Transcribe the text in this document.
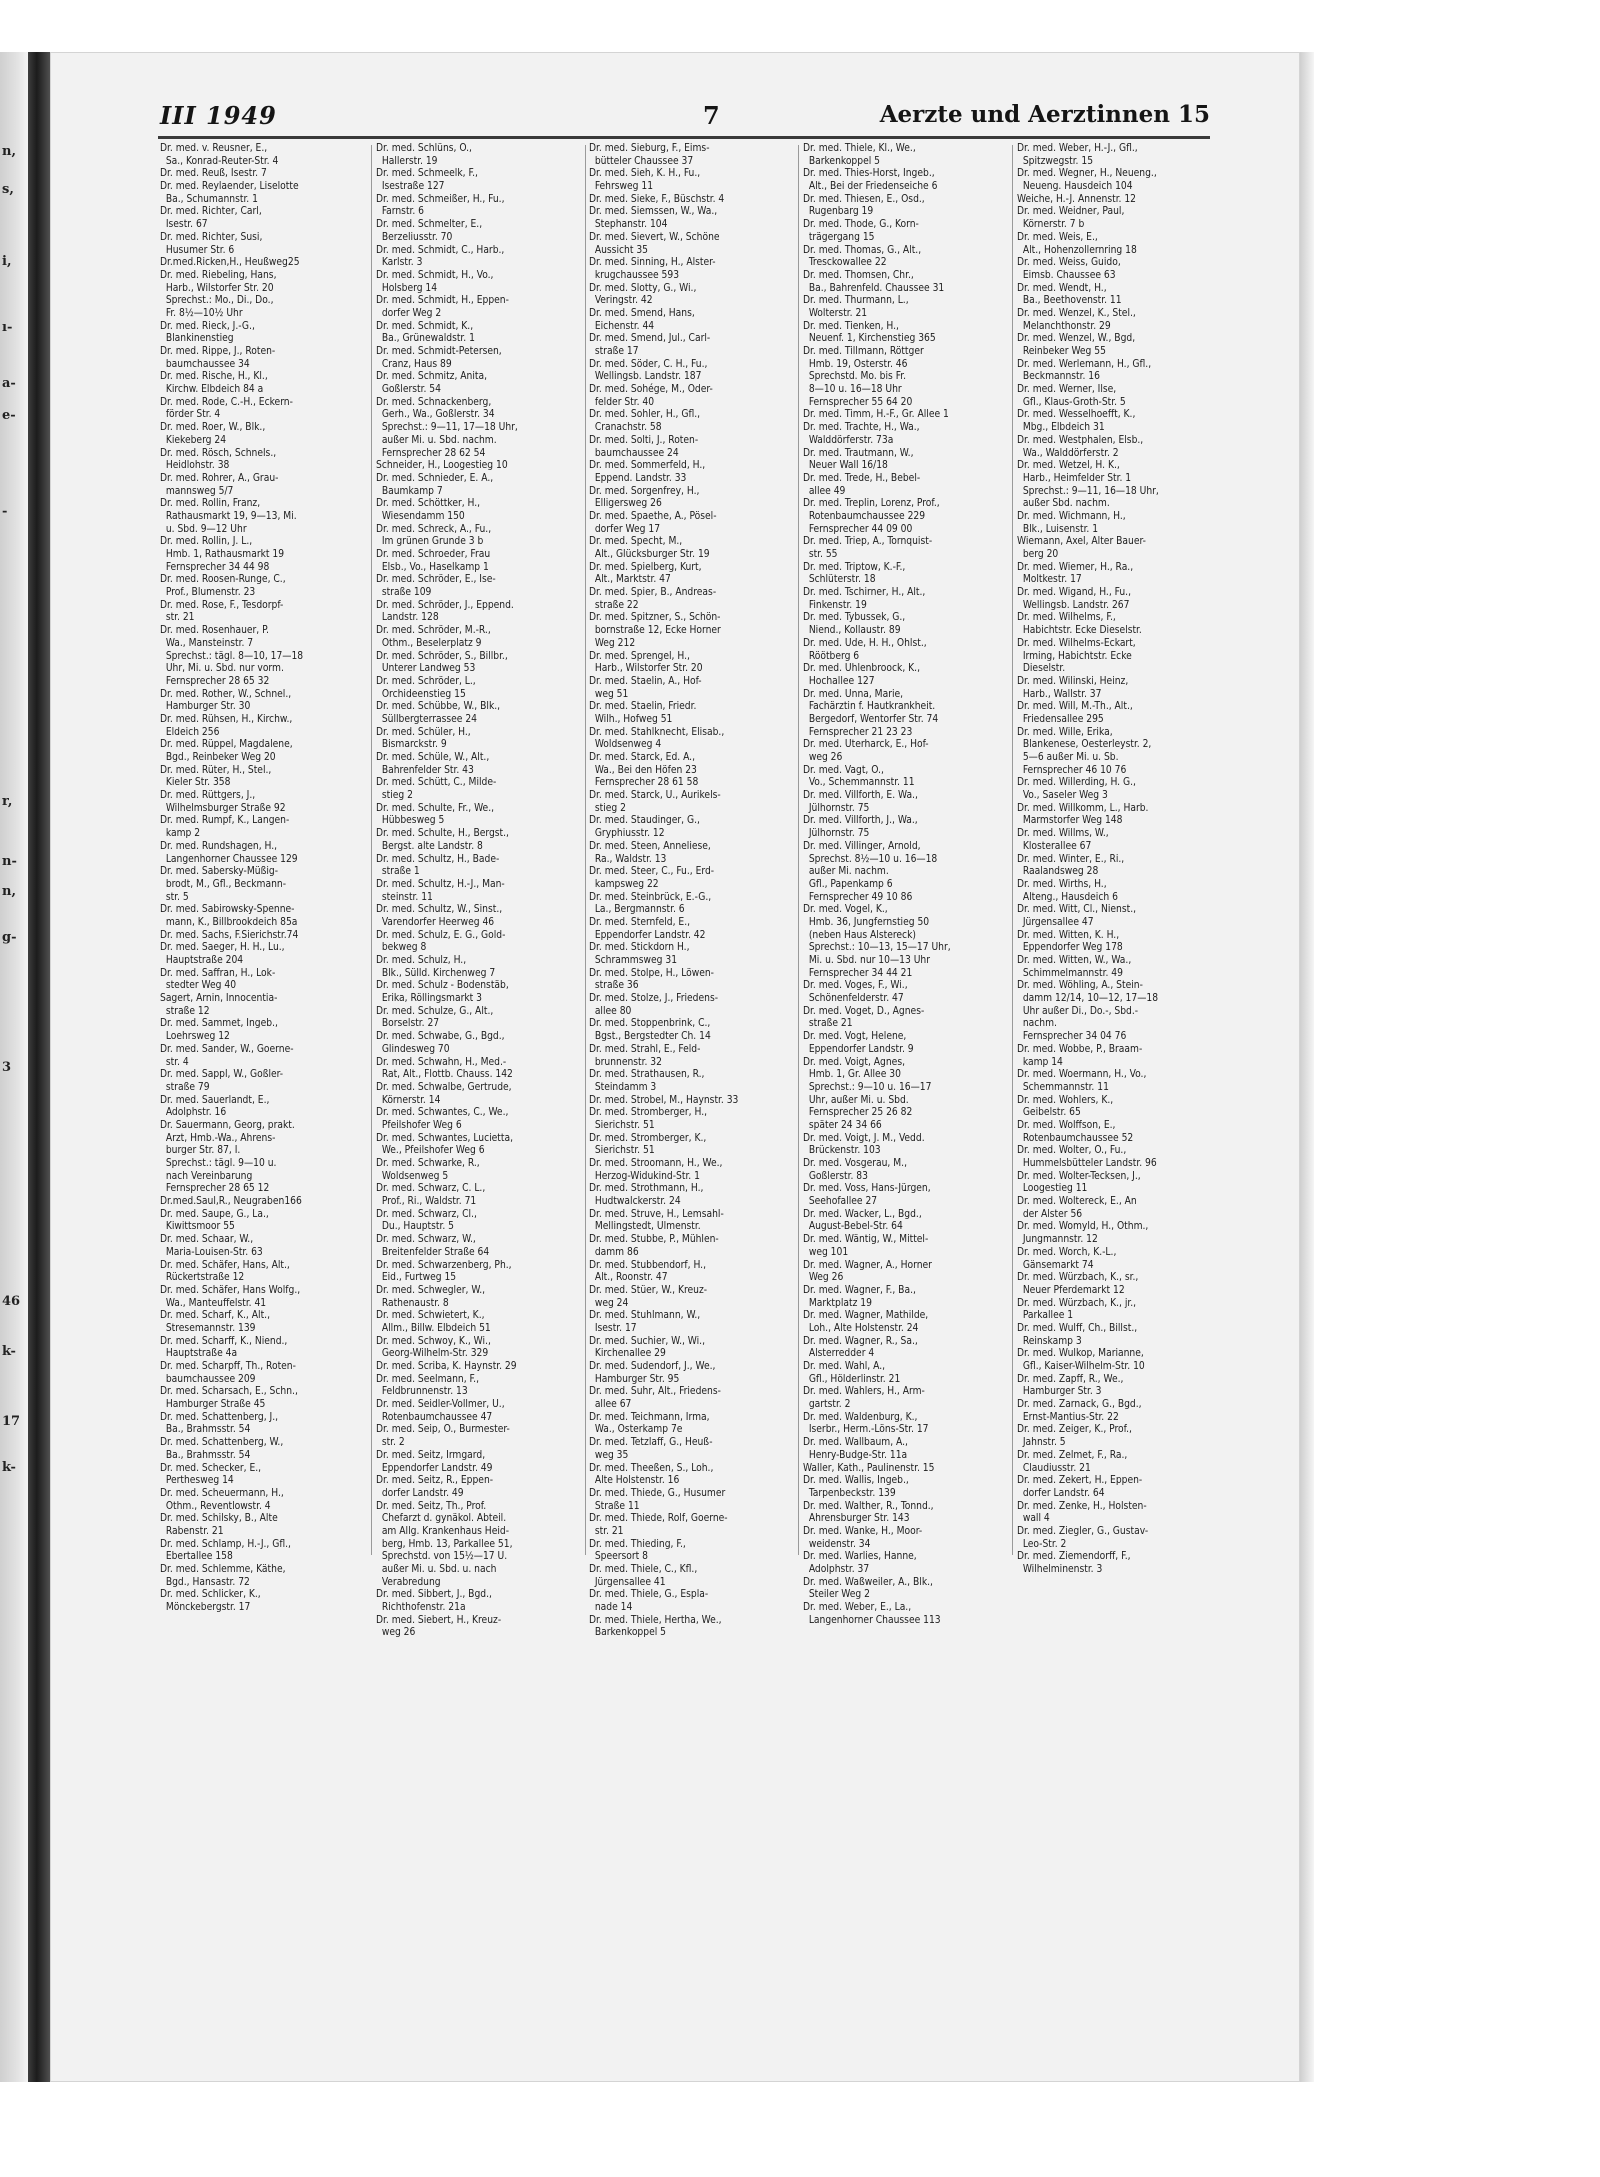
n,
s,
i,
ı-
a-
e-
-
r,
n-
n,
g-
3
46
k-
17
k-
III 1949	7	Aerzte und Aerztinnen 15
Dr. med. v. Reusner, E.,
Sa., Konrad-Reuter-Str. 4
Dr. med. Reuß, Isestr. 7
Dr. med. Reylaender, Liselotte
Ba., Schumannstr. 1
Dr. med. Richter, Carl,
Isestr. 67
Dr. med. Richter, Susi,
Husumer Str. 6
Dr.med.Ricken,H., Heußweg25
Dr. med. Riebeling, Hans,
Harb., Wilstorfer Str. 20
Sprechst.: Mo., Di., Do.,
Fr. 8½—10½ Uhr
Dr. med. Rieck, J.-G.,
Blankinenstieg
Dr. med. Rippe, J., Roten-
baumchaussee 34
Dr. med. Rische, H., Kl.,
Kirchw. Elbdeich 84 a
Dr. med. Rode, C.-H., Eckern-
förder Str. 4
Dr. med. Roer, W., Blk.,
Kiekeberg 24
Dr. med. Rösch, Schnels.,
Heidlohstr. 38
Dr. med. Rohrer, A., Grau-
mannsweg 5/7
Dr. med. Rollin, Franz,
Rathausmarkt 19, 9—13, Mi.
u. Sbd. 9—12 Uhr
Dr. med. Rollin, J. L.,
Hmb. 1, Rathausmarkt 19
Fernsprecher 34 44 98
Dr. med. Roosen-Runge, C.,
Prof., Blumenstr. 23
Dr. med. Rose, F., Tesdorpf-
str. 21
Dr. med. Rosenhauer, P.
Wa., Mansteinstr. 7
Sprechst.: tägl. 8—10, 17—18
Uhr, Mi. u. Sbd. nur vorm.
Fernsprecher 28 65 32
Dr. med. Rother, W., Schnel.,
Hamburger Str. 30
Dr. med. Rühsen, H., Kirchw.,
Eldeich 256
Dr. med. Rüppel, Magdalene,
Bgd., Reinbeker Weg 20
Dr. med. Rüter, H., Stel.,
Kieler Str. 358
Dr. med. Rüttgers, J.,
Wilhelmsburger Straße 92
Dr. med. Rumpf, K., Langen-
kamp 2
Dr. med. Rundshagen, H.,
Langenhorner Chaussee 129
Dr. med. Sabersky-Müßig-
brodt, M., Gfl., Beckmann-
str. 5
Dr. med. Sabirowsky-Spenne-
mann, K., Billbrookdeich 85a
Dr. med. Sachs, F.Sierichstr.74
Dr. med. Saeger, H. H., Lu.,
Hauptstraße 204
Dr. med. Saffran, H., Lok-
stedter Weg 40
Sagert, Arnin, Innocentia-
straße 12
Dr. med. Sammet, Ingeb.,
Loehrsweg 12
Dr. med. Sander, W., Goerne-
str. 4
Dr. med. Sappl, W., Goßler-
straße 79
Dr. med. Sauerlandt, E.,
Adolphstr. 16
Dr. Sauermann, Georg, prakt.
Arzt, Hmb.-Wa., Ahrens-
burger Str. 87, I.
Sprechst.: tägl. 9—10 u.
nach Vereinbarung
Fernsprecher 28 65 12
Dr.med.Saul,R., Neugraben166
Dr. med. Saupe, G., La.,
Kiwittsmoor 55
Dr. med. Schaar, W.,
Maria-Louisen-Str. 63
Dr. med. Schäfer, Hans, Alt.,
Rückertstraße 12
Dr. med. Schäfer, Hans Wolfg.,
Wa., Manteuffelstr. 41
Dr. med. Scharf, K., Alt.,
Stresemannstr. 139
Dr. med. Scharff, K., Niend.,
Hauptstraße 4a
Dr. med. Scharpff, Th., Roten-
baumchaussee 209
Dr. med. Scharsach, E., Schn.,
Hamburger Straße 45
Dr. med. Schattenberg, J.,
Ba., Brahmsstr. 54
Dr. med. Schattenberg, W.,
Ba., Brahmsstr. 54
Dr. med. Schecker, E.,
Perthesweg 14
Dr. med. Scheuermann, H.,
Othm., Reventlowstr. 4
Dr. med. Schilsky, B., Alte
Rabenstr. 21
Dr. med. Schlamp, H.-J., Gfl.,
Ebertallee 158
Dr. med. Schlemme, Käthe,
Bgd., Hansastr. 72
Dr. med. Schlicker, K.,
Mönckebergstr. 17
Dr. med. Schlüns, O.,
Hallerstr. 19
Dr. med. Schmeelk, F.,
Isestraße 127
Dr. med. Schmeißer, H., Fu.,
Farnstr. 6
Dr. med. Schmelter, E.,
Berzeliusstr. 70
Dr. med. Schmidt, C., Harb.,
Karlstr. 3
Dr. med. Schmidt, H., Vo.,
Holsberg 14
Dr. med. Schmidt, H., Eppen-
dorfer Weg 2
Dr. med. Schmidt, K.,
Ba., Grünewaldstr. 1
Dr. med. Schmidt-Petersen,
Cranz, Haus 89
Dr. med. Schmitz, Anita,
Goßlerstr. 54
Dr. med. Schnackenberg,
Gerh., Wa., Goßlerstr. 34
Sprechst.: 9—11, 17—18 Uhr,
außer Mi. u. Sbd. nachm.
Fernsprecher 28 62 54
Schneider, H., Loogestieg 10
Dr. med. Schnieder, E. A.,
Baumkamp 7
Dr. med. Schöttker, H.,
Wiesendamm 150
Dr. med. Schreck, A., Fu.,
Im grünen Grunde 3 b
Dr. med. Schroeder, Frau
Elsb., Vo., Haselkamp 1
Dr. med. Schröder, E., Ise-
straße 109
Dr. med. Schröder, J., Eppend.
Landstr. 128
Dr. med. Schröder, M.-R.,
Othm., Beselerplatz 9
Dr. med. Schröder, S., Billbr.,
Unterer Landweg 53
Dr. med. Schröder, L.,
Orchideenstieg 15
Dr. med. Schübbe, W., Blk.,
Süllbergterrassee 24
Dr. med. Schüler, H.,
Bismarckstr. 9
Dr. med. Schüle, W., Alt.,
Bahrenfelder Str. 43
Dr. med. Schütt, C., Milde-
stieg 2
Dr. med. Schulte, Fr., We.,
Hübbesweg 5
Dr. med. Schulte, H., Bergst.,
Bergst. alte Landstr. 8
Dr. med. Schultz, H., Bade-
straße 1
Dr. med. Schultz, H.-J., Man-
steinstr. 11
Dr. med. Schultz, W., Sinst.,
Varendorfer Heerweg 46
Dr. med. Schulz, E. G., Gold-
bekweg 8
Dr. med. Schulz, H.,
Blk., Sülld. Kirchenweg 7
Dr. med. Schulz - Bodenstäb,
Erika, Röllingsmarkt 3
Dr. med. Schulze, G., Alt.,
Borselstr. 27
Dr. med. Schwabe, G., Bgd.,
Glindesweg 70
Dr. med. Schwahn, H., Med.-
Rat, Alt., Flottb. Chauss. 142
Dr. med. Schwalbe, Gertrude,
Körnerstr. 14
Dr. med. Schwantes, C., We.,
Pfeilshofer Weg 6
Dr. med. Schwantes, Lucietta,
We., Pfeilshofer Weg 6
Dr. med. Schwarke, R.,
Woldsenweg 5
Dr. med. Schwarz, C. L.,
Prof., Ri., Waldstr. 71
Dr. med. Schwarz, Cl.,
Du., Hauptstr. 5
Dr. med. Schwarz, W.,
Breitenfelder Straße 64
Dr. med. Schwarzenberg, Ph.,
Eid., Furtweg 15
Dr. med. Schwegler, W.,
Rathenaustr. 8
Dr. med. Schwietert, K.,
Allm., Billw. Elbdeich 51
Dr. med. Schwoy, K., Wi.,
Georg-Wilhelm-Str. 329
Dr. med. Scriba, K. Haynstr. 29
Dr. med. Seelmann, F.,
Feldbrunnenstr. 13
Dr. med. Seidler-Vollmer, U.,
Rotenbaumchaussee 47
Dr. med. Seip, O., Burmester-
str. 2
Dr. med. Seitz, Irmgard,
Eppendorfer Landstr. 49
Dr. med. Seitz, R., Eppen-
dorfer Landstr. 49
Dr. med. Seitz, Th., Prof.
Chefarzt d. gynäkol. Abteil.
am Allg. Krankenhaus Heid-
berg, Hmb. 13, Parkallee 51,
Sprechstd. von 15½—17 U.
außer Mi. u. Sbd. u. nach
Verabredung
Dr. med. Sibbert, J., Bgd.,
Richthofenstr. 21a
Dr. med. Siebert, H., Kreuz-
weg 26
Dr. med. Sieburg, F., Eims-
bütteler Chaussee 37
Dr. med. Sieh, K. H., Fu.,
Fehrsweg 11
Dr. med. Sieke, F., Büschstr. 4
Dr. med. Siemssen, W., Wa.,
Stephanstr. 104
Dr. med. Sievert, W., Schöne
Aussicht 35
Dr. med. Sinning, H., Alster-
krugchaussee 593
Dr. med. Slotty, G., Wi.,
Veringstr. 42
Dr. med. Smend, Hans,
Eichenstr. 44
Dr. med. Smend, Jul., Carl-
straße 17
Dr. med. Söder, C. H., Fu.,
Wellingsb. Landstr. 187
Dr. med. Sohége, M., Oder-
felder Str. 40
Dr. med. Sohler, H., Gfl.,
Cranachstr. 58
Dr. med. Solti, J., Roten-
baumchaussee 24
Dr. med. Sommerfeld, H.,
Eppend. Landstr. 33
Dr. med. Sorgenfrey, H.,
Elligersweg 26
Dr. med. Spaethe, A., Pösel-
dorfer Weg 17
Dr. med. Specht, M.,
Alt., Glücksburger Str. 19
Dr. med. Spielberg, Kurt,
Alt., Marktstr. 47
Dr. med. Spier, B., Andreas-
straße 22
Dr. med. Spitzner, S., Schön-
bornstraße 12, Ecke Horner
Weg 212
Dr. med. Sprengel, H.,
Harb., Wilstorfer Str. 20
Dr. med. Staelin, A., Hof-
weg 51
Dr. med. Staelin, Friedr.
Wilh., Hofweg 51
Dr. med. Stahlknecht, Elisab.,
Woldsenweg 4
Dr. med. Starck, Ed. A.,
Wa., Bei den Höfen 23
Fernsprecher 28 61 58
Dr. med. Starck, U., Aurikels-
stieg 2
Dr. med. Staudinger, G.,
Gryphiusstr. 12
Dr. med. Steen, Anneliese,
Ra., Waldstr. 13
Dr. med. Steer, C., Fu., Erd-
kampsweg 22
Dr. med. Steinbrück, E.-G.,
La., Bergmannstr. 6
Dr. med. Sternfeld, E.,
Eppendorfer Landstr. 42
Dr. med. Stickdorn H.,
Schrammsweg 31
Dr. med. Stolpe, H., Löwen-
straße 36
Dr. med. Stolze, J., Friedens-
allee 80
Dr. med. Stoppenbrink, C.,
Bgst., Bergstedter Ch. 14
Dr. med. Strahl, E., Feld-
brunnenstr. 32
Dr. med. Strathausen, R.,
Steindamm 3
Dr. med. Strobel, M., Haynstr. 33
Dr. med. Stromberger, H.,
Sierichstr. 51
Dr. med. Stromberger, K.,
Sierichstr. 51
Dr. med. Stroomann, H., We.,
Herzog-Widukind-Str. 1
Dr. med. Strothmann, H.,
Hudtwalckerstr. 24
Dr. med. Struve, H., Lemsahl-
Mellingstedt, Ulmenstr.
Dr. med. Stubbe, P., Mühlen-
damm 86
Dr. med. Stubbendorf, H.,
Alt., Roonstr. 47
Dr. med. Stüer, W., Kreuz-
weg 24
Dr. med. Stuhlmann, W.,
Isestr. 17
Dr. med. Suchier, W., Wi.,
Kirchenallee 29
Dr. med. Sudendorf, J., We.,
Hamburger Str. 95
Dr. med. Suhr, Alt., Friedens-
allee 67
Dr. med. Teichmann, Irma,
Wa., Osterkamp 7e
Dr. med. Tetzlaff, G., Heuß-
weg 35
Dr. med. Theeßen, S., Loh.,
Alte Holstenstr. 16
Dr. med. Thiede, G., Husumer
Straße 11
Dr. med. Thiede, Rolf, Goerne-
str. 21
Dr. med. Thieding, F.,
Speersort 8
Dr. med. Thiele, C., Kfl.,
Jürgensallee 41
Dr. med. Thiele, G., Espla-
nade 14
Dr. med. Thiele, Hertha, We.,
Barkenkoppel 5
Dr. med. Thiele, Kl., We.,
Barkenkoppel 5
Dr. med. Thies-Horst, Ingeb.,
Alt., Bei der Friedenseiche 6
Dr. med. Thiesen, E., Osd.,
Rugenbarg 19
Dr. med. Thode, G., Korn-
trägergang 15
Dr. med. Thomas, G., Alt.,
Tresckowallee 22
Dr. med. Thomsen, Chr.,
Ba., Bahrenfeld. Chaussee 31
Dr. med. Thurmann, L.,
Wolterstr. 21
Dr. med. Tienken, H.,
Neuenf. 1, Kirchenstieg 365
Dr. med. Tillmann, Röttger
Hmb. 19, Osterstr. 46
Sprechstd. Mo. bis Fr.
8—10 u. 16—18 Uhr
Fernsprecher 55 64 20
Dr. med. Timm, H.-F., Gr. Allee 1
Dr. med. Trachte, H., Wa.,
Walddörferstr. 73a
Dr. med. Trautmann, W.,
Neuer Wall 16/18
Dr. med. Trede, H., Bebel-
allee 49
Dr. med. Treplin, Lorenz, Prof.,
Rotenbaumchaussee 229
Fernsprecher 44 09 00
Dr. med. Triep, A., Tornquist-
str. 55
Dr. med. Triptow, K.-F.,
Schlüterstr. 18
Dr. med. Tschirner, H., Alt.,
Finkenstr. 19
Dr. med. Tybussek, G.,
Niend., Kollaustr. 89
Dr. med. Ude, H. H., Ohlst.,
Röötberg 6
Dr. med. Uhlenbroock, K.,
Hochallee 127
Dr. med. Unna, Marie,
Fachärztin f. Hautkrankheit.
Bergedorf, Wentorfer Str. 74
Fernsprecher 21 23 23
Dr. med. Uterharck, E., Hof-
weg 26
Dr. med. Vagt, O.,
Vo., Schemmannstr. 11
Dr. med. Villforth, E. Wa.,
Jülhornstr. 75
Dr. med. Villforth, J., Wa.,
Jülhornstr. 75
Dr. med. Villinger, Arnold,
Sprechst. 8½—10 u. 16—18
außer Mi. nachm.
Gfl., Papenkamp 6
Fernsprecher 49 10 86
Dr. med. Vogel, K.,
Hmb. 36, Jungfernstieg 50
(neben Haus Alstereck)
Sprechst.: 10—13, 15—17 Uhr,
Mi. u. Sbd. nur 10—13 Uhr
Fernsprecher 34 44 21
Dr. med. Voges, F., Wi.,
Schönenfelderstr. 47
Dr. med. Voget, D., Agnes-
straße 21
Dr. med. Vogt, Helene,
Eppendorfer Landstr. 9
Dr. med. Voigt, Agnes,
Hmb. 1, Gr. Allee 30
Sprechst.: 9—10 u. 16—17
Uhr, außer Mi. u. Sbd.
Fernsprecher 25 26 82
später 24 34 66
Dr. med. Voigt, J. M., Vedd.
Brückenstr. 103
Dr. med. Vosgerau, M.,
Goßlerstr. 83
Dr. med. Voss, Hans-Jürgen,
Seehofallee 27
Dr. med. Wacker, L., Bgd.,
August-Bebel-Str. 64
Dr. med. Wäntig, W., Mittel-
weg 101
Dr. med. Wagner, A., Horner
Weg 26
Dr. med. Wagner, F., Ba.,
Marktplatz 19
Dr. med. Wagner, Mathilde,
Loh., Alte Holstenstr. 24
Dr. med. Wagner, R., Sa.,
Alsterredder 4
Dr. med. Wahl, A.,
Gfl., Hölderlinstr. 21
Dr. med. Wahlers, H., Arm-
gartstr. 2
Dr. med. Waldenburg, K.,
Iserbr., Herm.-Löns-Str. 17
Dr. med. Wallbaum, A.,
Henry-Budge-Str. 11a
Waller, Kath., Paulinenstr. 15
Dr. med. Wallis, Ingeb.,
Tarpenbeckstr. 139
Dr. med. Walther, R., Tonnd.,
Ahrensburger Str. 143
Dr. med. Wanke, H., Moor-
weidenstr. 34
Dr. med. Warlies, Hanne,
Adolphstr. 37
Dr. med. Waßweiler, A., Blk.,
Steiler Weg 2
Dr. med. Weber, E., La.,
Langenhorner Chaussee 113
Dr. med. Weber, H.-J., Gfl.,
Spitzwegstr. 15
Dr. med. Wegner, H., Neueng.,
Neueng. Hausdeich 104
Weiche, H.-J. Annenstr. 12
Dr. med. Weidner, Paul,
Körnerstr. 7 b
Dr. med. Weis, E.,
Alt., Hohenzollernring 18
Dr. med. Weiss, Guido,
Eimsb. Chaussee 63
Dr. med. Wendt, H.,
Ba., Beethovenstr. 11
Dr. med. Wenzel, K., Stel.,
Melanchthonstr. 29
Dr. med. Wenzel, W., Bgd,
Reinbeker Weg 55
Dr. med. Werlemann, H., Gfl.,
Beckmannstr. 16
Dr. med. Werner, Ilse,
Gfl., Klaus-Groth-Str. 5
Dr. med. Wesselhoefft, K.,
Mbg., Elbdeich 31
Dr. med. Westphalen, Elsb.,
Wa., Walddörferstr. 2
Dr. med. Wetzel, H. K.,
Harb., Heimfelder Str. 1
Sprechst.: 9—11, 16—18 Uhr,
außer Sbd. nachm.
Dr. med. Wichmann, H.,
Blk., Luisenstr. 1
Wiemann, Axel, Alter Bauer-
berg 20
Dr. med. Wiemer, H., Ra.,
Moltkestr. 17
Dr. med. Wigand, H., Fu.,
Wellingsb. Landstr. 267
Dr. med. Wilhelms, F.,
Habichtstr. Ecke Dieselstr.
Dr. med. Wilhelms-Eckart,
Irming, Habichtstr. Ecke
Dieselstr.
Dr. med. Wilinski, Heinz,
Harb., Wallstr. 37
Dr. med. Will, M.-Th., Alt.,
Friedensallee 295
Dr. med. Wille, Erika,
Blankenese, Oesterleystr. 2,
5—6 außer Mi. u. Sb.
Fernsprecher 46 10 76
Dr. med. Willerding, H. G.,
Vo., Saseler Weg 3
Dr. med. Willkomm, L., Harb.
Marmstorfer Weg 148
Dr. med. Willms, W.,
Klosterallee 67
Dr. med. Winter, E., Ri.,
Raalandsweg 28
Dr. med. Wirths, H.,
Alteng., Hausdeich 6
Dr. med. Witt, Cl., Nienst.,
Jürgensallee 47
Dr. med. Witten, K. H.,
Eppendorfer Weg 178
Dr. med. Witten, W., Wa.,
Schimmelmannstr. 49
Dr. med. Wöhling, A., Stein-
damm 12/14, 10—12, 17—18
Uhr außer Di., Do.-, Sbd.-
nachm.
Fernsprecher 34 04 76
Dr. med. Wobbe, P., Braam-
kamp 14
Dr. med. Woermann, H., Vo.,
Schemmannstr. 11
Dr. med. Wohlers, K.,
Geibelstr. 65
Dr. med. Wolffson, E.,
Rotenbaumchaussee 52
Dr. med. Wolter, O., Fu.,
Hummelsbütteler Landstr. 96
Dr. med. Wolter-Tecksen, J.,
Loogestieg 11
Dr. med. Woltereck, E., An
der Alster 56
Dr. med. Womyld, H., Othm.,
Jungmannstr. 12
Dr. med. Worch, K.-L.,
Gänsemarkt 74
Dr. med. Würzbach, K., sr.,
Neuer Pferdemarkt 12
Dr. med. Würzbach, K., jr.,
Parkallee 1
Dr. med. Wulff, Ch., Billst.,
Reinskamp 3
Dr. med. Wulkop, Marianne,
Gfl., Kaiser-Wilhelm-Str. 10
Dr. med. Zapff, R., We.,
Hamburger Str. 3
Dr. med. Zarnack, G., Bgd.,
Ernst-Mantius-Str. 22
Dr. med. Zeiger, K., Prof.,
Jahnstr. 5
Dr. med. Zelmet, F., Ra.,
Claudiusstr. 21
Dr. med. Zekert, H., Eppen-
dorfer Landstr. 64
Dr. med. Zenke, H., Holsten-
wall 4
Dr. med. Ziegler, G., Gustav-
Leo-Str. 2
Dr. med. Ziemendorff, F.,
Wilhelminenstr. 3
